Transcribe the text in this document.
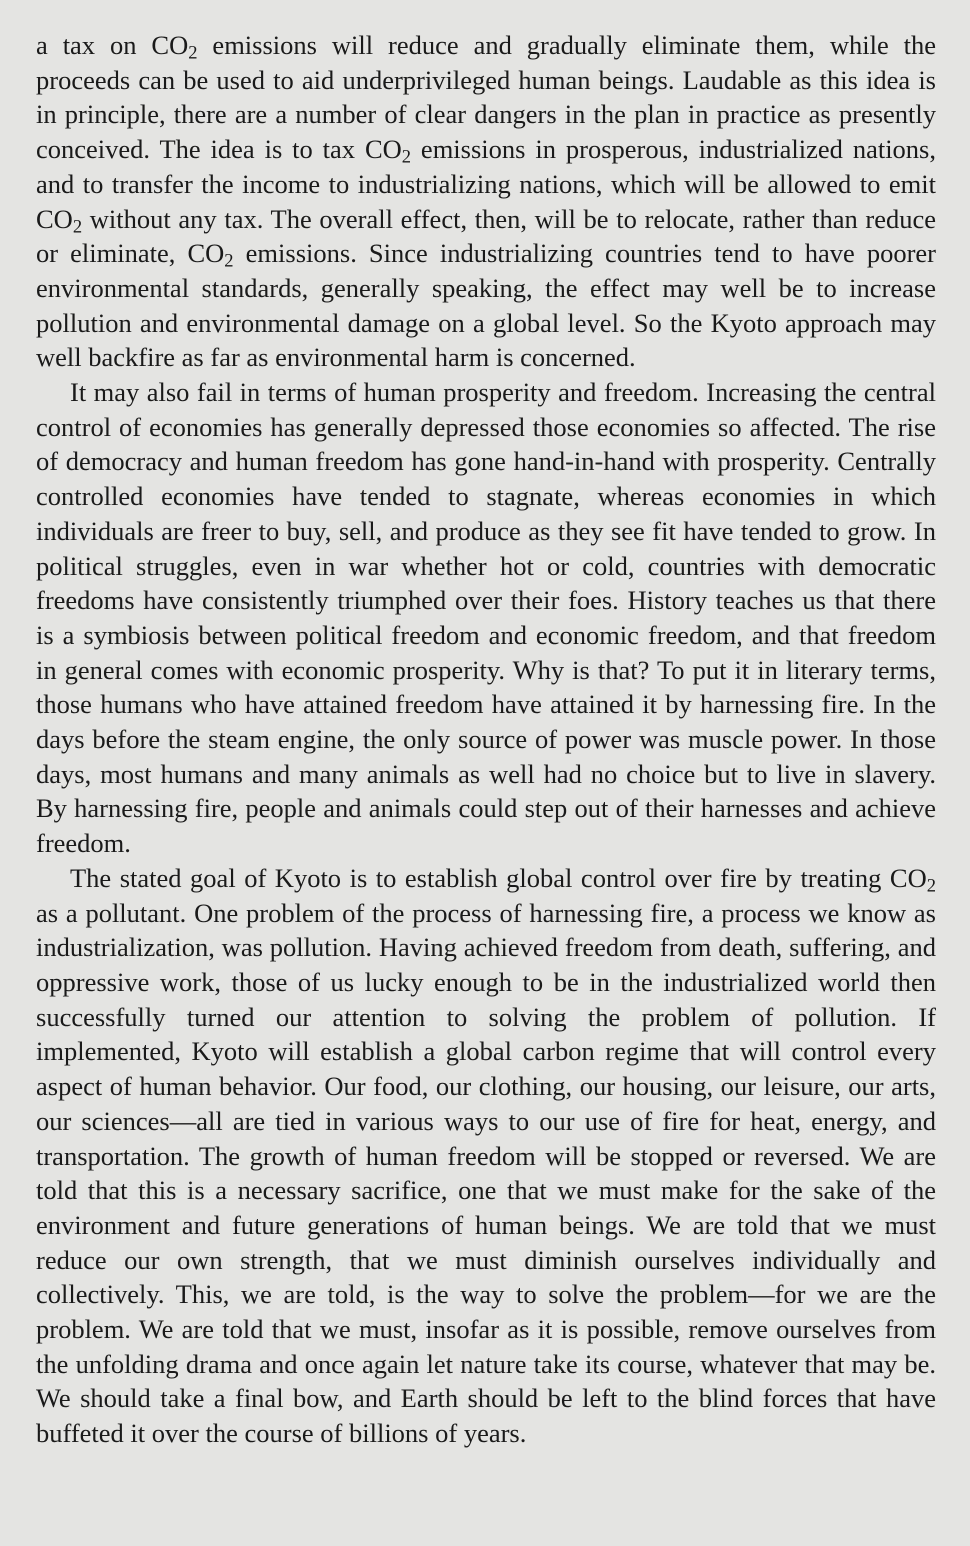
a tax on $CO_2$ emissions will reduce and gradually eliminate them, while the proceeds can be used to aid underprivileged human beings. Laudable as this idea is in principle, there are a number of clear dangers in the plan in practice as presently conceived. The idea is to tax $CO_2$ emissions in prosperous, industrialized nations, and to transfer the income to industrializing nations, which will be allowed to emit $CO_2$ without any tax. The overall effect, then, will be to relocate, rather than reduce or eliminate, $CO_2$ emissions. Since industrializing countries tend to have poorer environmental standards, generally speaking, the effect may well be to increase pollution and environmental damage on a global level. So the Kyoto approach may well backfire as far as environmental harm is concerned.

It may also fail in terms of human prosperity and freedom. Increasing the central control of economies has generally depressed those economies so affected. The rise of democracy and human freedom has gone hand-in-hand with prosperity. Centrally controlled economies have tended to stagnate, whereas economies in which individuals are freer to buy, sell, and produce as they see fit have tended to grow. In political struggles, even in war whether hot or cold, countries with democratic freedoms have consistently triumphed over their foes. History teaches us that there is a symbiosis between political freedom and economic freedom, and that freedom in general comes with economic prosperity. Why is that? To put it in literary terms, those humans who have attained freedom have attained it by harnessing fire. In the days before the steam engine, the only source of power was muscle power. In those days, most humans and many animals as well had no choice but to live in slavery. By harnessing fire, people and animals could step out of their harnesses and achieve freedom.

The stated goal of Kyoto is to establish global control over fire by treating $CO_2$ as a pollutant. One problem of the process of harnessing fire, a process we know as industrialization, was pollution. Having achieved freedom from death, suffering, and oppressive work, those of us lucky enough to be in the industrialized world then successfully turned our attention to solving the problem of pollution. If implemented, Kyoto will establish a global carbon regime that will control every aspect of human behavior. Our food, our clothing, our housing, our leisure, our arts, our sciences—all are tied in various ways to our use of fire for heat, energy, and transportation. The growth of human freedom will be stopped or reversed. We are told that this is a necessary sacrifice, one that we must make for the sake of the environment and future generations of human beings. We are told that we must reduce our own strength, that we must diminish ourselves individually and collectively. This, we are told, is the way to solve the problem—for we are the problem. We are told that we must, insofar as it is possible, remove ourselves from the unfolding drama and once again let nature take its course, whatever that may be. We should take a final bow, and Earth should be left to the blind forces that have buffeted it over the course of billions of years.
